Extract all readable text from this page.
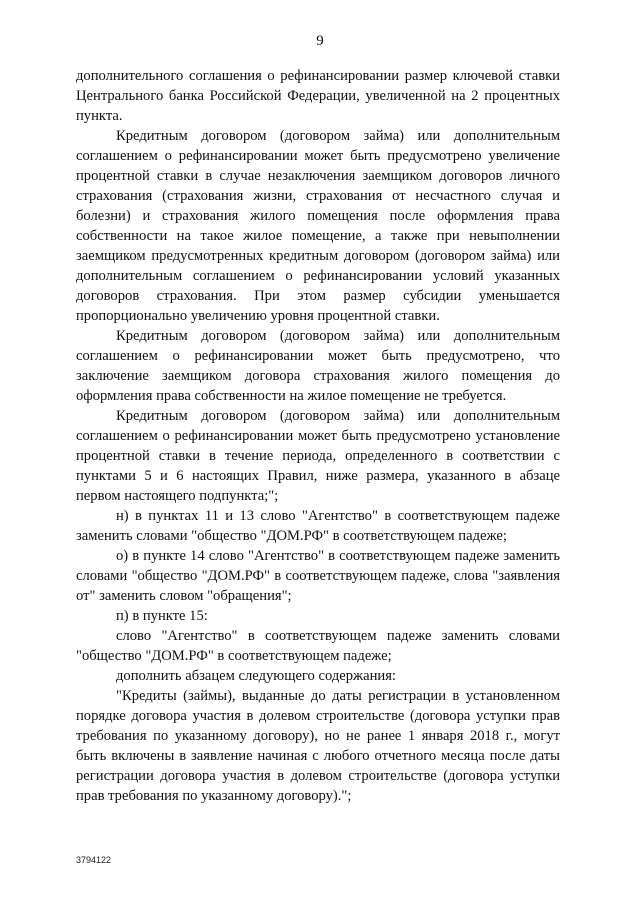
9

дополнительного соглашения о рефинансировании размер ключевой ставки Центрального банка Российской Федерации, увеличенной на 2 процентных пункта.

Кредитным договором (договором займа) или дополнительным соглашением о рефинансировании может быть предусмотрено увеличение процентной ставки в случае незаключения заемщиком договоров личного страхования (страхования жизни, страхования от несчастного случая и болезни) и страхования жилого помещения после оформления права собственности на такое жилое помещение, а также при невыполнении заемщиком предусмотренных кредитным договором (договором займа) или дополнительным соглашением о рефинансировании условий указанных договоров страхования. При этом размер субсидии уменьшается пропорционально увеличению уровня процентной ставки.

Кредитным договором (договором займа) или дополнительным соглашением о рефинансировании может быть предусмотрено, что заключение заемщиком договора страхования жилого помещения до оформления права собственности на жилое помещение не требуется.

Кредитным договором (договором займа) или дополнительным соглашением о рефинансировании может быть предусмотрено установление процентной ставки в течение периода, определенного в соответствии с пунктами 5 и 6 настоящих Правил, ниже размера, указанного в абзаце первом настоящего подпункта;";

н) в пунктах 11 и 13 слово "Агентство" в соответствующем падеже заменить словами "общество "ДОМ.РФ" в соответствующем падеже;

о) в пункте 14 слово "Агентство" в соответствующем падеже заменить словами "общество "ДОМ.РФ" в соответствующем падеже, слова "заявления от" заменить словом "обращения";

п) в пункте 15:

слово "Агентство" в соответствующем падеже заменить словами "общество "ДОМ.РФ" в соответствующем падеже;

дополнить абзацем следующего содержания:

"Кредиты (займы), выданные до даты регистрации в установленном порядке договора участия в долевом строительстве (договора уступки прав требования по указанному договору), но не ранее 1 января 2018 г., могут быть включены в заявление начиная с любого отчетного месяца после даты регистрации договора участия в долевом строительстве (договора уступки прав требования по указанному договору).";

3794122
